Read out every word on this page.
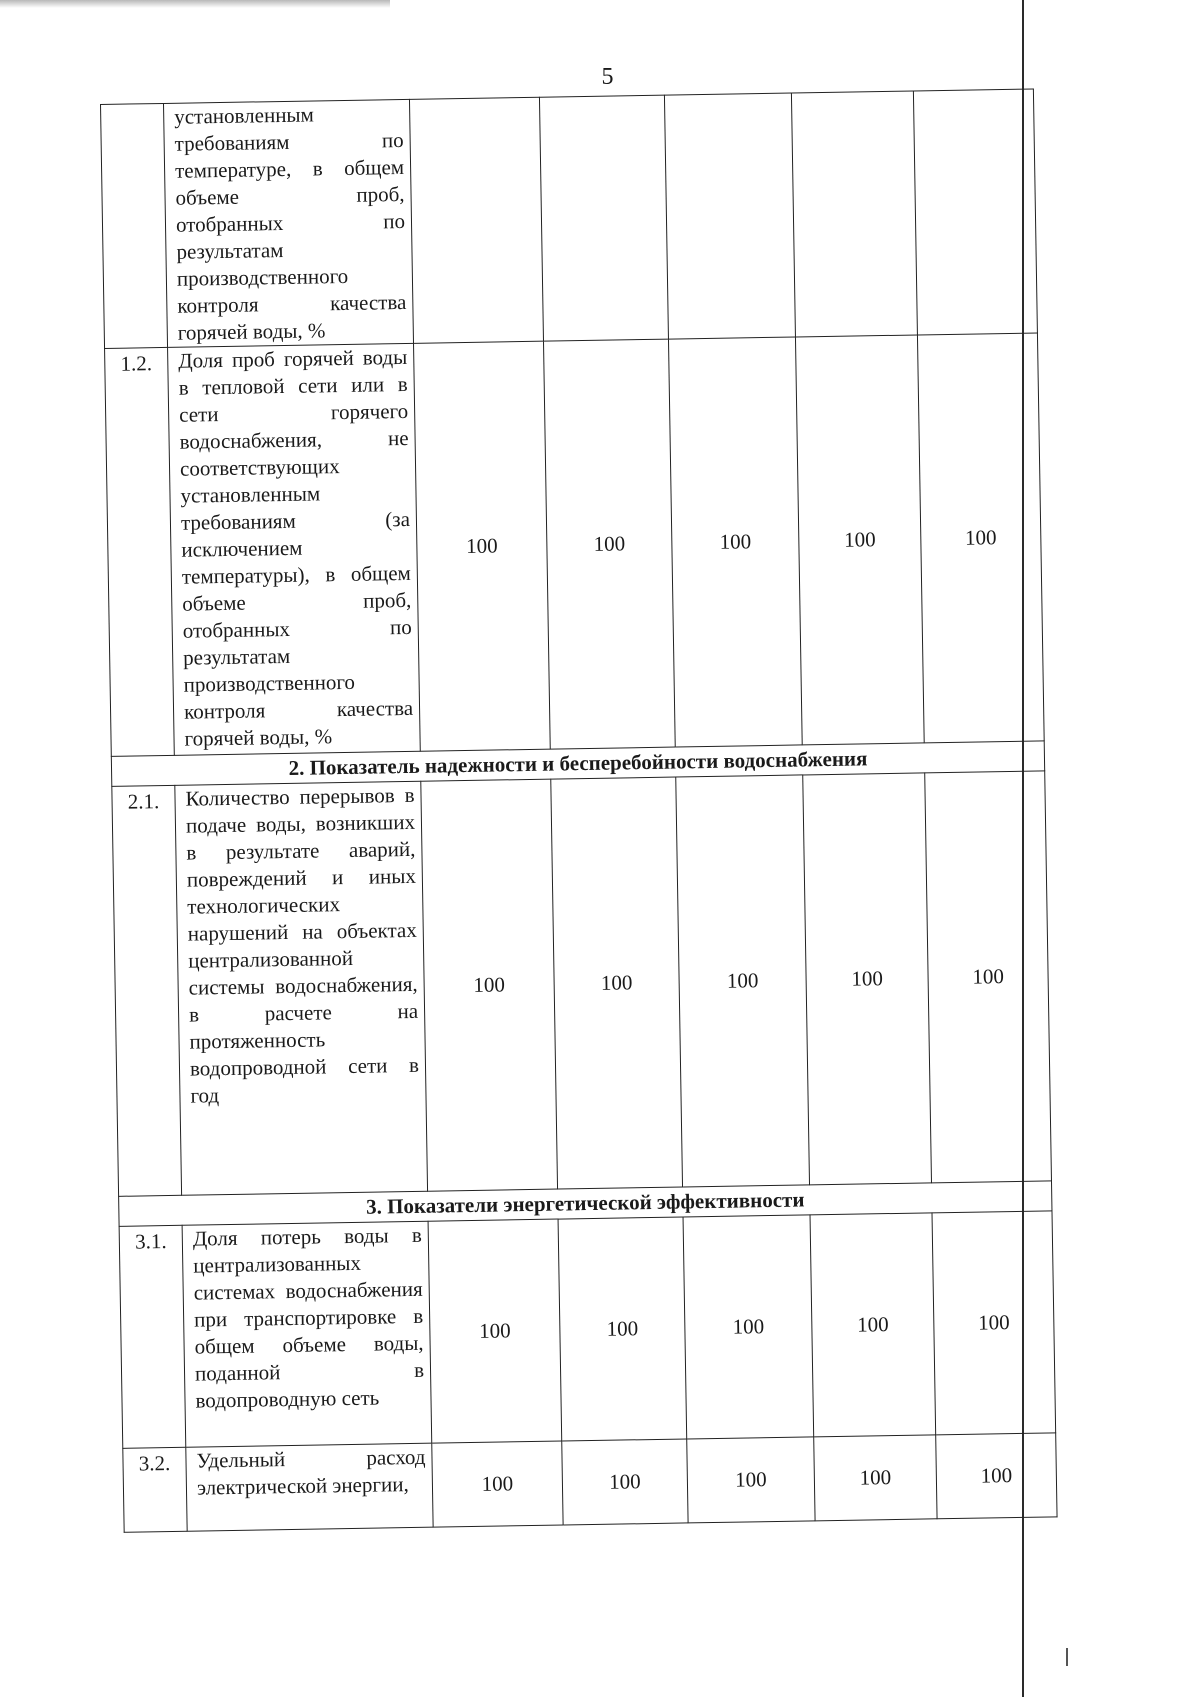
5
	установленным требованиям по температуре, в общем объеме проб, отобранных по результатам производственного контроля качества горячей воды, %					
1.2.	Доля проб горячей воды в тепловой сети или в сети горячего водоснабжения, не соответствующих установленным требованиям (за исключением температуры), в общем объеме проб, отобранных по результатам производственного контроля качества горячей воды, %	100	100	100	100	100
2. Показатель надежности и бесперебойности водоснабжения						
2.1.	Количество перерывов в подаче воды, возникших в результате аварий, повреждений и иных технологических нарушений на объектах централизованной системы водоснабжения, в расчете на протяженность водопроводной сети в год	100	100	100	100	100
3. Показатели энергетической эффективности						
3.1.	Доля потерь воды в централизованных системах водоснабжения при транспортировке в общем объеме воды, поданной в водопроводную сеть	100	100	100	100	100
3.2.	Удельный расход электрической энергии,	100	100	100	100	100
